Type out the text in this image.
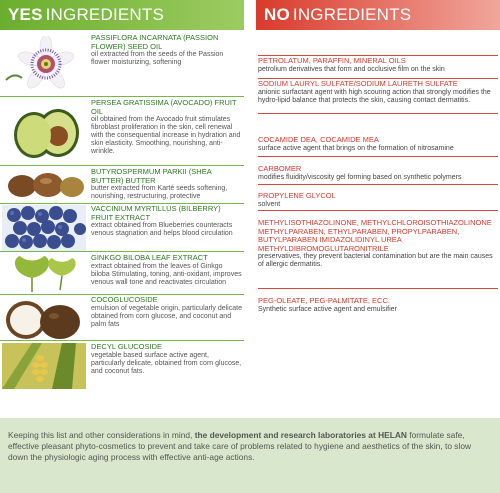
YES INGREDIENTS	NO INGREDIENTS
PASSIFLORA INCARNATA (PASSION FLOWER) SEED OIL
oil extracted from the seeds of the Passion flower moisturizing, softening
PERSEA GRATISSIMA (AVOCADO) FRUIT OIL
oil obtained from the Avocado fruit stimulates fibroblast proliferation in the skin, cell renewal with the consequential increase in hydration and skin elasticity. Smoothing, nourishing, anti-wrinkle.
BUTYROSPERMUM PARKII (SHEA BUTTER) BUTTER
butter extracted from Karté seeds softening, nourishing, restructuring, protective
VACCINIUM MYRTILLUS (BILBERRY) FRUIT EXTRACT
extract obtained from Blueberries counteracts venous stagnation and helps blood circulation
GINKGO BILOBA LEAF EXTRACT
extract obtained from the leaves of Ginkgo biloba Stimulating, toning, anti-oxidant, improves venous wall tone and reactivates circulation
COCOGLUCOSIDE
emulsion of vegetable origin, particularly delicate obtained from corn glucose, and coconut and palm fats
DECYL GLUCOSIDE
vegetable based surface active agent, particularly delicate, obtained from corn glucose, and coconut fats.
PETROLATUM, PARAFFIN, MINERAL OILS
petrolium derivatives that form and occlusive film on the skin
SODIUM LAURYL SULFATE/SODIUM LAURETH SULFATE
anionic surfactant agent with high scouring action that strongly modifies the hydro-lipid balance that protects the skin, causing contact dermatitis.
COCAMIDE DEA, COCAMIDE MEA
surface active agent that brings on the formation of nitrosamine
CARBOMER
modifies fluidity/viscosity gel forming based on synthetic polymers
PROPYLENE GLYCOL
solvent
METHYLISOTHIAZOLINONE, METHYLCHLOROISOTHIAZOLINONE METHYLPARABEN, ETHYLPARABEN, PROPYLPARABEN, BUTYLPARABEN IMIDAZOLIDINYL UREA METHYLDIBROMOGLUTARONITRILE
preservatives, they prevent bacterial contamination but are the main causes of allergic dermatitis.
PEG-OLEATE, PEG-PALMITATE, ECC.
Synthetic surface active agent and emulsifier
Keeping this list and other considerations in mind, the development and research laboratories at HELAN formulate safe, effective pleasant phyto-cosmetics to prevent and take care of problems related to hygiene and aesthetics of the skin, to slow down the physiologic aging process with effective anti-age actions.
